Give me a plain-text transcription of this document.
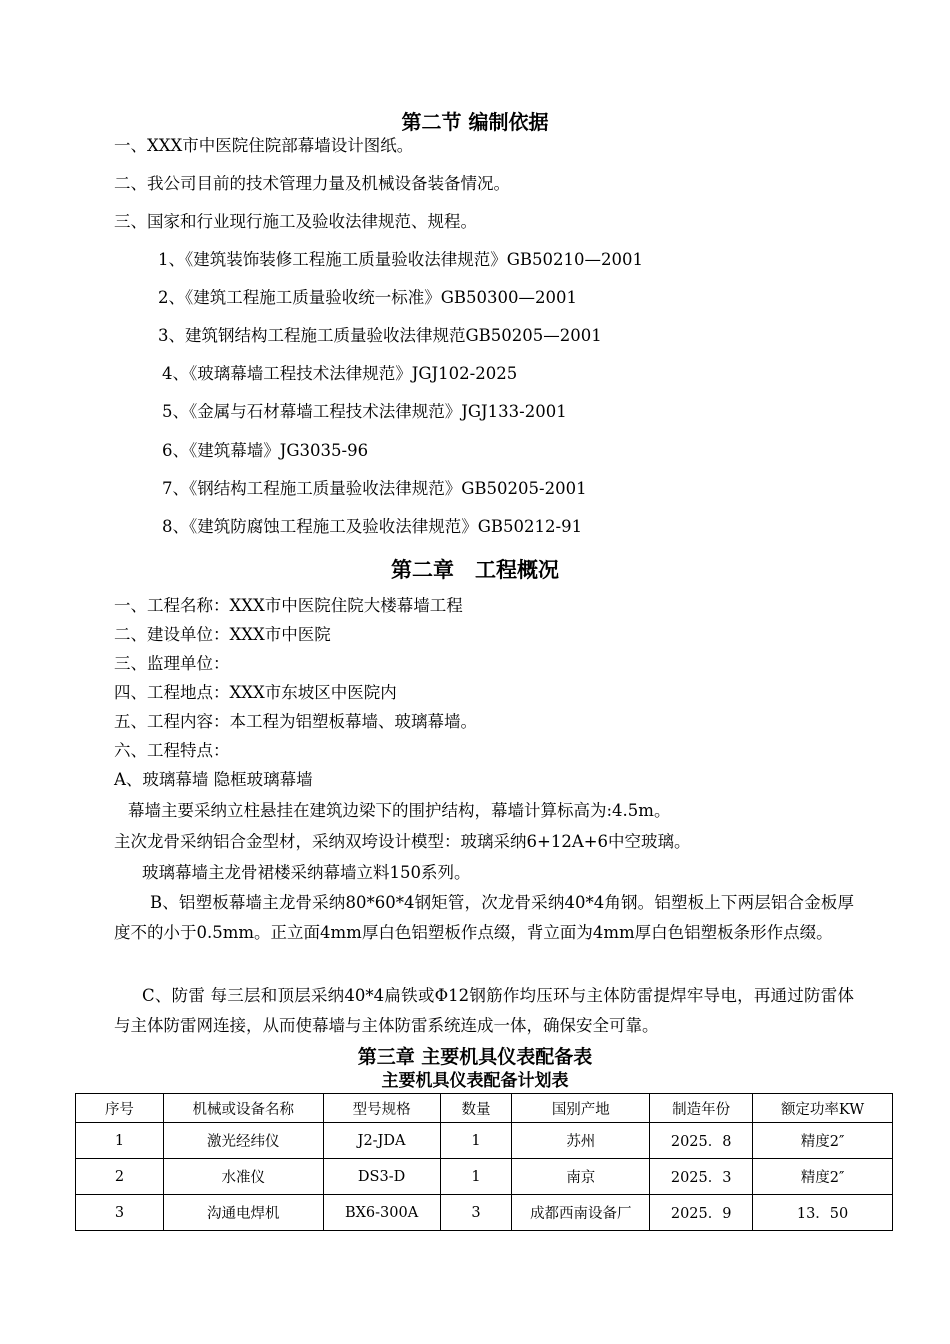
第二节 编制依据
一、XXX市中医院住院部幕墙设计图纸。
二、我公司目前的技术管理力量及机械设备装备情况。
三、国家和行业现行施工及验收法律规范、规程。
1、《建筑装饰装修工程施工质量验收法律规范》GB50210—2001
2、《建筑工程施工质量验收统一标准》GB50300—2001
3、建筑钢结构工程施工质量验收法律规范GB50205—2001
4、《玻璃幕墙工程技术法律规范》JGJ102-2025
5、《金属与石材幕墙工程技术法律规范》JGJ133-2001
6、《建筑幕墙》JG3035-96
7、《钢结构工程施工质量验收法律规范》GB50205-2001
8、《建筑防腐蚀工程施工及验收法律规范》GB50212-91
第二章　工程概况
一、工程名称：XXX市中医院住院大楼幕墙工程
二、建设单位：XXX市中医院
三、监理单位：
四、工程地点：XXX市东坡区中医院内
五、工程内容：本工程为铝塑板幕墙、玻璃幕墙。
六、工程特点：
A、玻璃幕墙 隐框玻璃幕墙
幕墙主要采纳立柱悬挂在建筑边梁下的围护结构，幕墙计算标高为:4.5m。
主次龙骨采纳铝合金型材，采纳双垮设计模型：玻璃采纳6+12A+6中空玻璃。
玻璃幕墙主龙骨裙楼采纳幕墙立料150系列。
B、铝塑板幕墙主龙骨采纳80*60*4钢矩管，次龙骨采纳40*4角钢。铝塑板上下两层铝合金板厚度不的小于0.5mm。正立面4mm厚白色铝塑板作点缀，背立面为4mm厚白色铝塑板条形作点缀。
C、防雷 每三层和顶层采纳40*4扁铁或Φ12钢筋作均压环与主体防雷提焊牢导电，再通过防雷体与主体防雷网连接，从而使幕墙与主体防雷系统连成一体，确保安全可靠。
第三章 主要机具仪表配备表
主要机具仪表配备计划表
序号	机械或设备名称	型号规格	数量	国别产地	制造年份	额定功率KW
1	激光经纬仪	J2-JDA	1	苏州	2025．8	精度2″
2	水准仪	DS3-D	1	南京	2025．3	精度2″
3	沟通电焊机	BX6-300A	3	成都西南设备厂	2025．9	13．50
